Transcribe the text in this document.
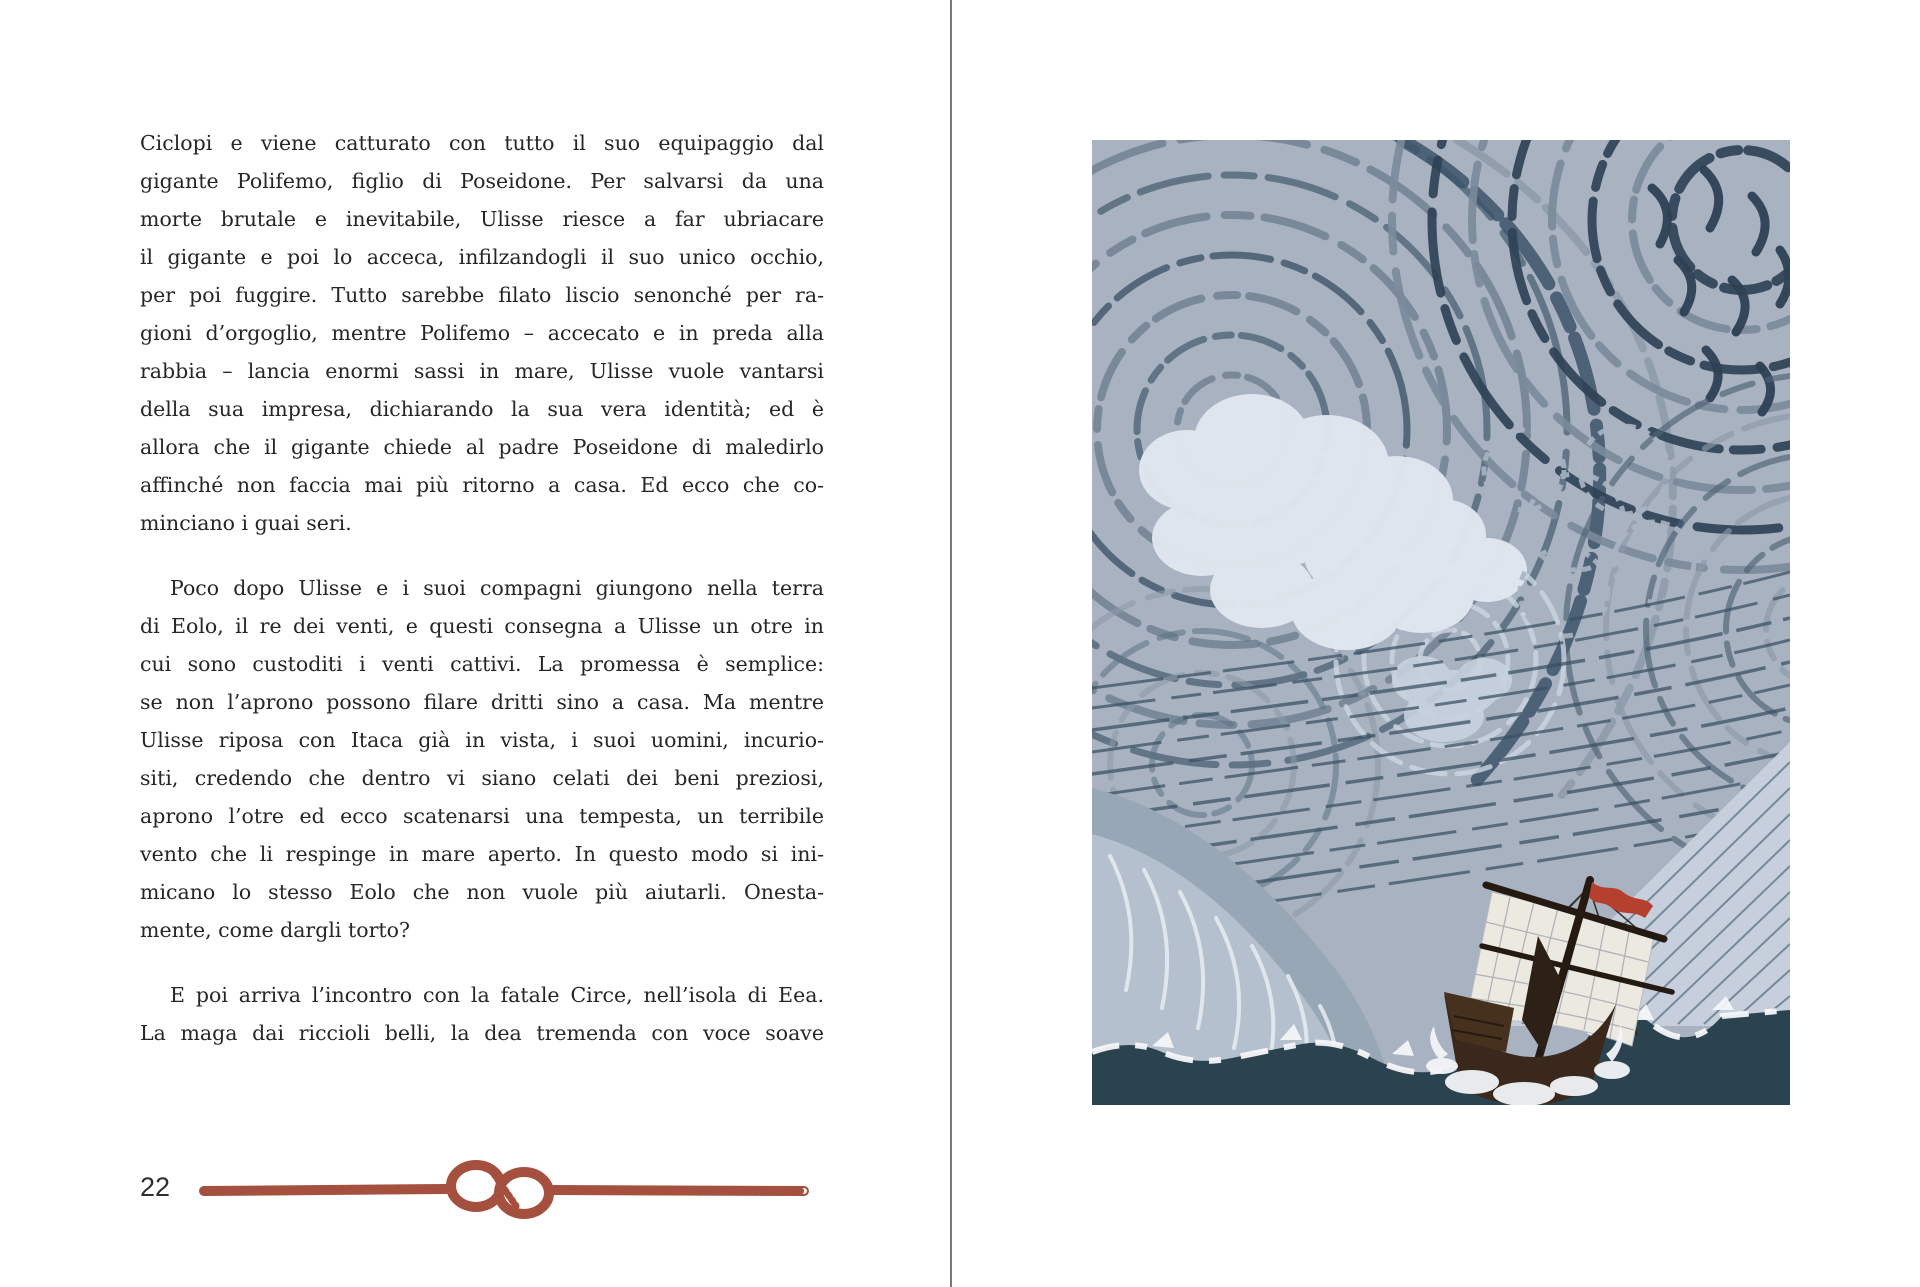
Ciclopi e viene catturato con tutto il suo equipaggio dal
gigante Polifemo, figlio di Poseidone. Per salvarsi da una
morte brutale e inevitabile, Ulisse riesce a far ubriacare
il gigante e poi lo acceca, infilzandogli il suo unico occhio,
per poi fuggire. Tutto sarebbe filato liscio senonché per ra-
gioni d’orgoglio, mentre Polifemo – accecato e in preda alla
rabbia – lancia enormi sassi in mare, Ulisse vuole vantarsi
della sua impresa, dichiarando la sua vera identità; ed è
allora che il gigante chiede al padre Poseidone di maledirlo
affinché non faccia mai più ritorno a casa. Ed ecco che co-
minciano i guai seri.
Poco dopo Ulisse e i suoi compagni giungono nella terra
di Eolo, il re dei venti, e questi consegna a Ulisse un otre in
cui sono custoditi i venti cattivi. La promessa è semplice:
se non l’aprono possono filare dritti sino a casa. Ma mentre
Ulisse riposa con Itaca già in vista, i suoi uomini, incurio-
siti, credendo che dentro vi siano celati dei beni preziosi,
aprono l’otre ed ecco scatenarsi una tempesta, un terribile
vento che li respinge in mare aperto. In questo modo si ini-
micano lo stesso Eolo che non vuole più aiutarli. Onesta-
mente, come dargli torto?
E poi arriva l’incontro con la fatale Circe, nell’isola di Eea.
La maga dai riccioli belli, la dea tremenda con voce soave
22
